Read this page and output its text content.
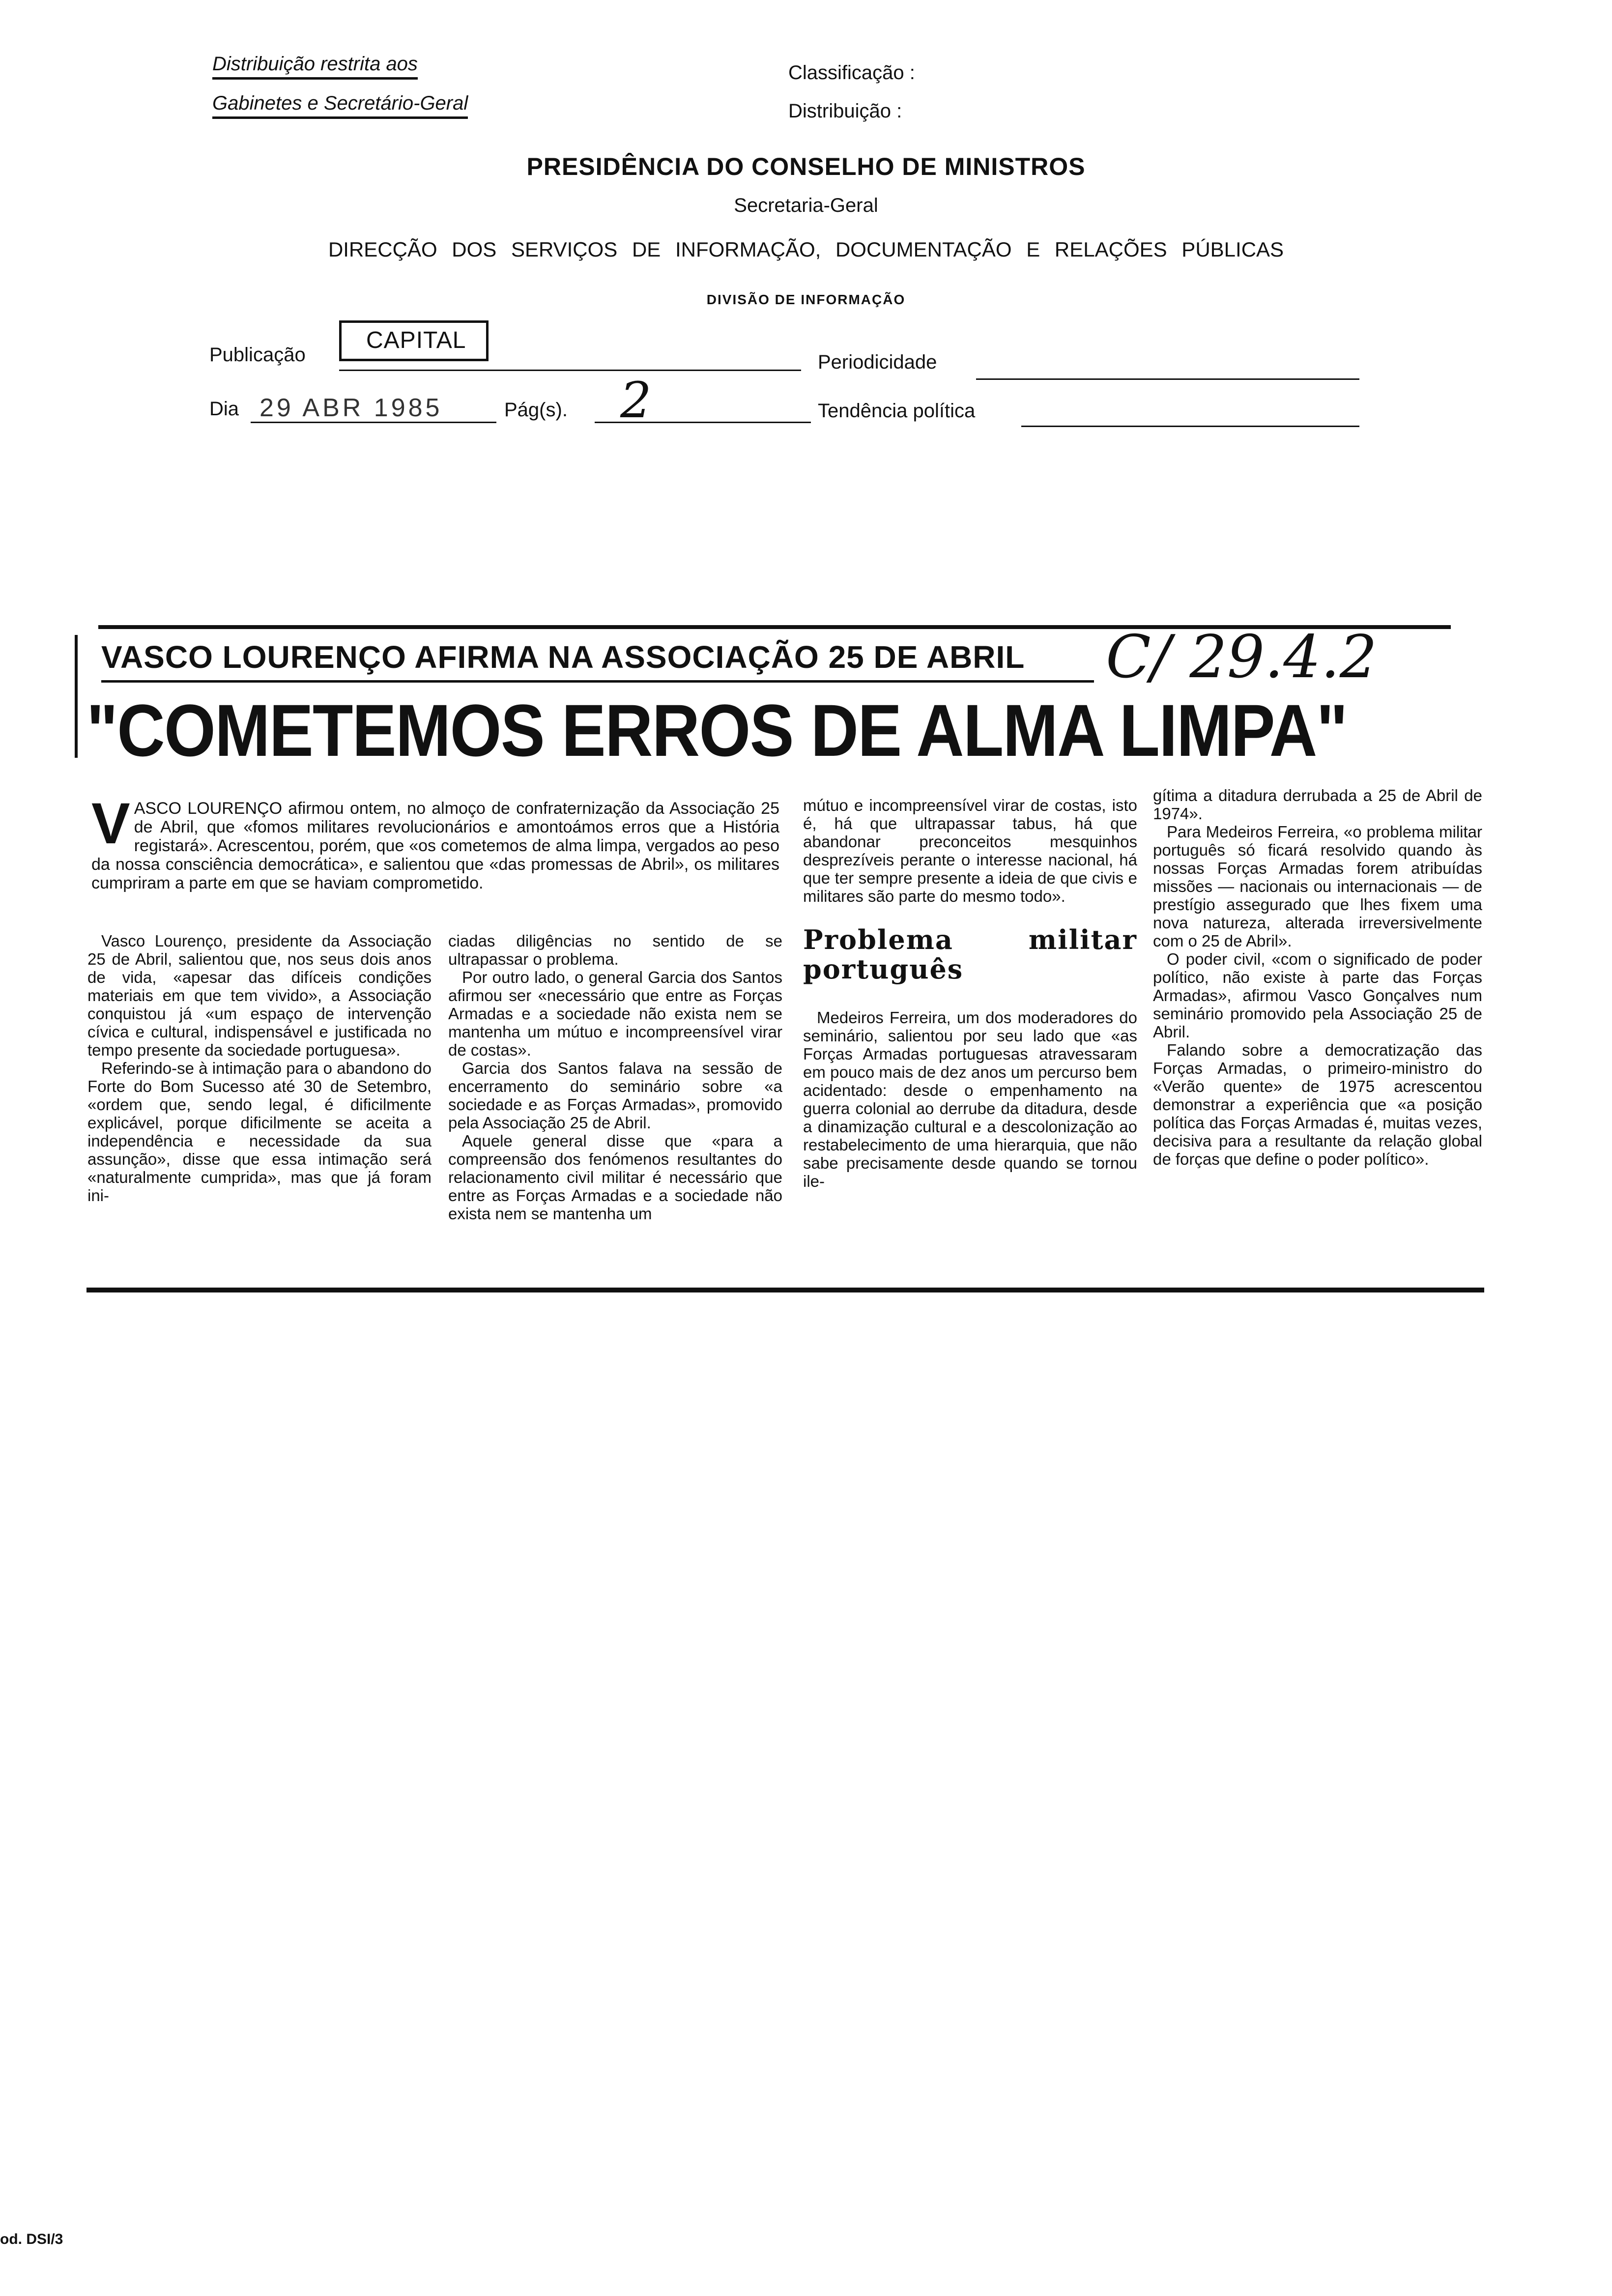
Distribuição restrita aos
Gabinetes e Secretário-Geral
Classificação :
Distribuição :
PRESIDÊNCIA DO CONSELHO DE MINISTROS
Secretaria-Geral
DIRECÇÃO DOS SERVIÇOS DE INFORMAÇÃO, DOCUMENTAÇÃO E RELAÇÕES PÚBLICAS
DIVISÃO DE INFORMAÇÃO
Publicação
CAPITAL
Periodicidade
Dia 29 ABR 1985	Pág(s). 2	Tendência política
VASCO LOURENÇO AFIRMA NA ASSOCIAÇÃO 25 DE ABRIL C/ 29.4.2
"COMETEMOS ERROS DE ALMA LIMPA"
V ASCO LOURENÇO afirmou ontem, no almoço de confraternização da Associação 25 de Abril, que «fomos militares revolucionários e amontoámos erros que a História registará». Acrescentou, porém, que «os cometemos de alma limpa, vergados ao peso da nossa consciência democrática», e salientou que «das promessas de Abril», os militares cumpriram a parte em que se haviam comprometido.

Vasco Lourenço, presidente da Associação 25 de Abril, salientou que, nos seus dois anos de vida, «apesar das difíceis condições materiais em que tem vivido», a Associação conquistou já «um espaço de intervenção cívica e cultural, indispensável e justificada no tempo presente da sociedade portuguesa».

Referindo-se à intimação para o abandono do Forte do Bom Sucesso até 30 de Setembro, «ordem que, sendo legal, é dificilmente explicável, porque dificilmente se aceita a independência e necessidade da sua assunção», disse que essa intimação será «naturalmente cumprida», mas que já foram ini-

ciadas diligências no sentido de se ultrapassar o problema.

Por outro lado, o general Garcia dos Santos afirmou ser «necessário que entre as Forças Armadas e a sociedade não exista nem se mantenha um mútuo e incompreensível virar de costas».

Garcia dos Santos falava na sessão de encerramento do seminário sobre «a sociedade e as Forças Armadas», promovido pela Associação 25 de Abril.

Aquele general disse que «para a compreensão dos fenómenos resultantes do relacionamento civil militar é necessário que entre as Forças Armadas e a sociedade não exista nem se mantenha um

mútuo e incompreensível virar de costas, isto é, há que ultrapassar tabus, há que abandonar preconceitos mesquinhos desprezíveis perante o interesse nacional, há que ter sempre presente a ideia de que civis e militares são parte do mesmo todo».

Problema militar português

Medeiros Ferreira, um dos moderadores do seminário, salientou por seu lado que «as Forças Armadas portuguesas atravessaram em pouco mais de dez anos um percurso bem acidentado: desde o empenhamento na guerra colonial ao derrube da ditadura, desde a dinamização cultural e a descolonização ao restabelecimento de uma hierarquia, que não sabe precisamente desde quando se tornou ile-

gítima a ditadura derrubada a 25 de Abril de 1974».

Para Medeiros Ferreira, «o problema militar português só ficará resolvido quando às nossas Forças Armadas forem atribuídas missões — nacionais ou internacionais — de prestígio assegurado que lhes fixem uma nova natureza, alterada irreversivelmente com o 25 de Abril».

O poder civil, «com o significado de poder político, não existe à parte das Forças Armadas», afirmou Vasco Gonçalves num seminário promovido pela Associação 25 de Abril.

Falando sobre a democratização das Forças Armadas, o primeiro-ministro do «Verão quente» de 1975 acrescentou demonstrar a experiência que «a posição política das Forças Armadas é, muitas vezes, decisiva para a resultante da relação global de forças que define o poder político».

od. DSI/3
